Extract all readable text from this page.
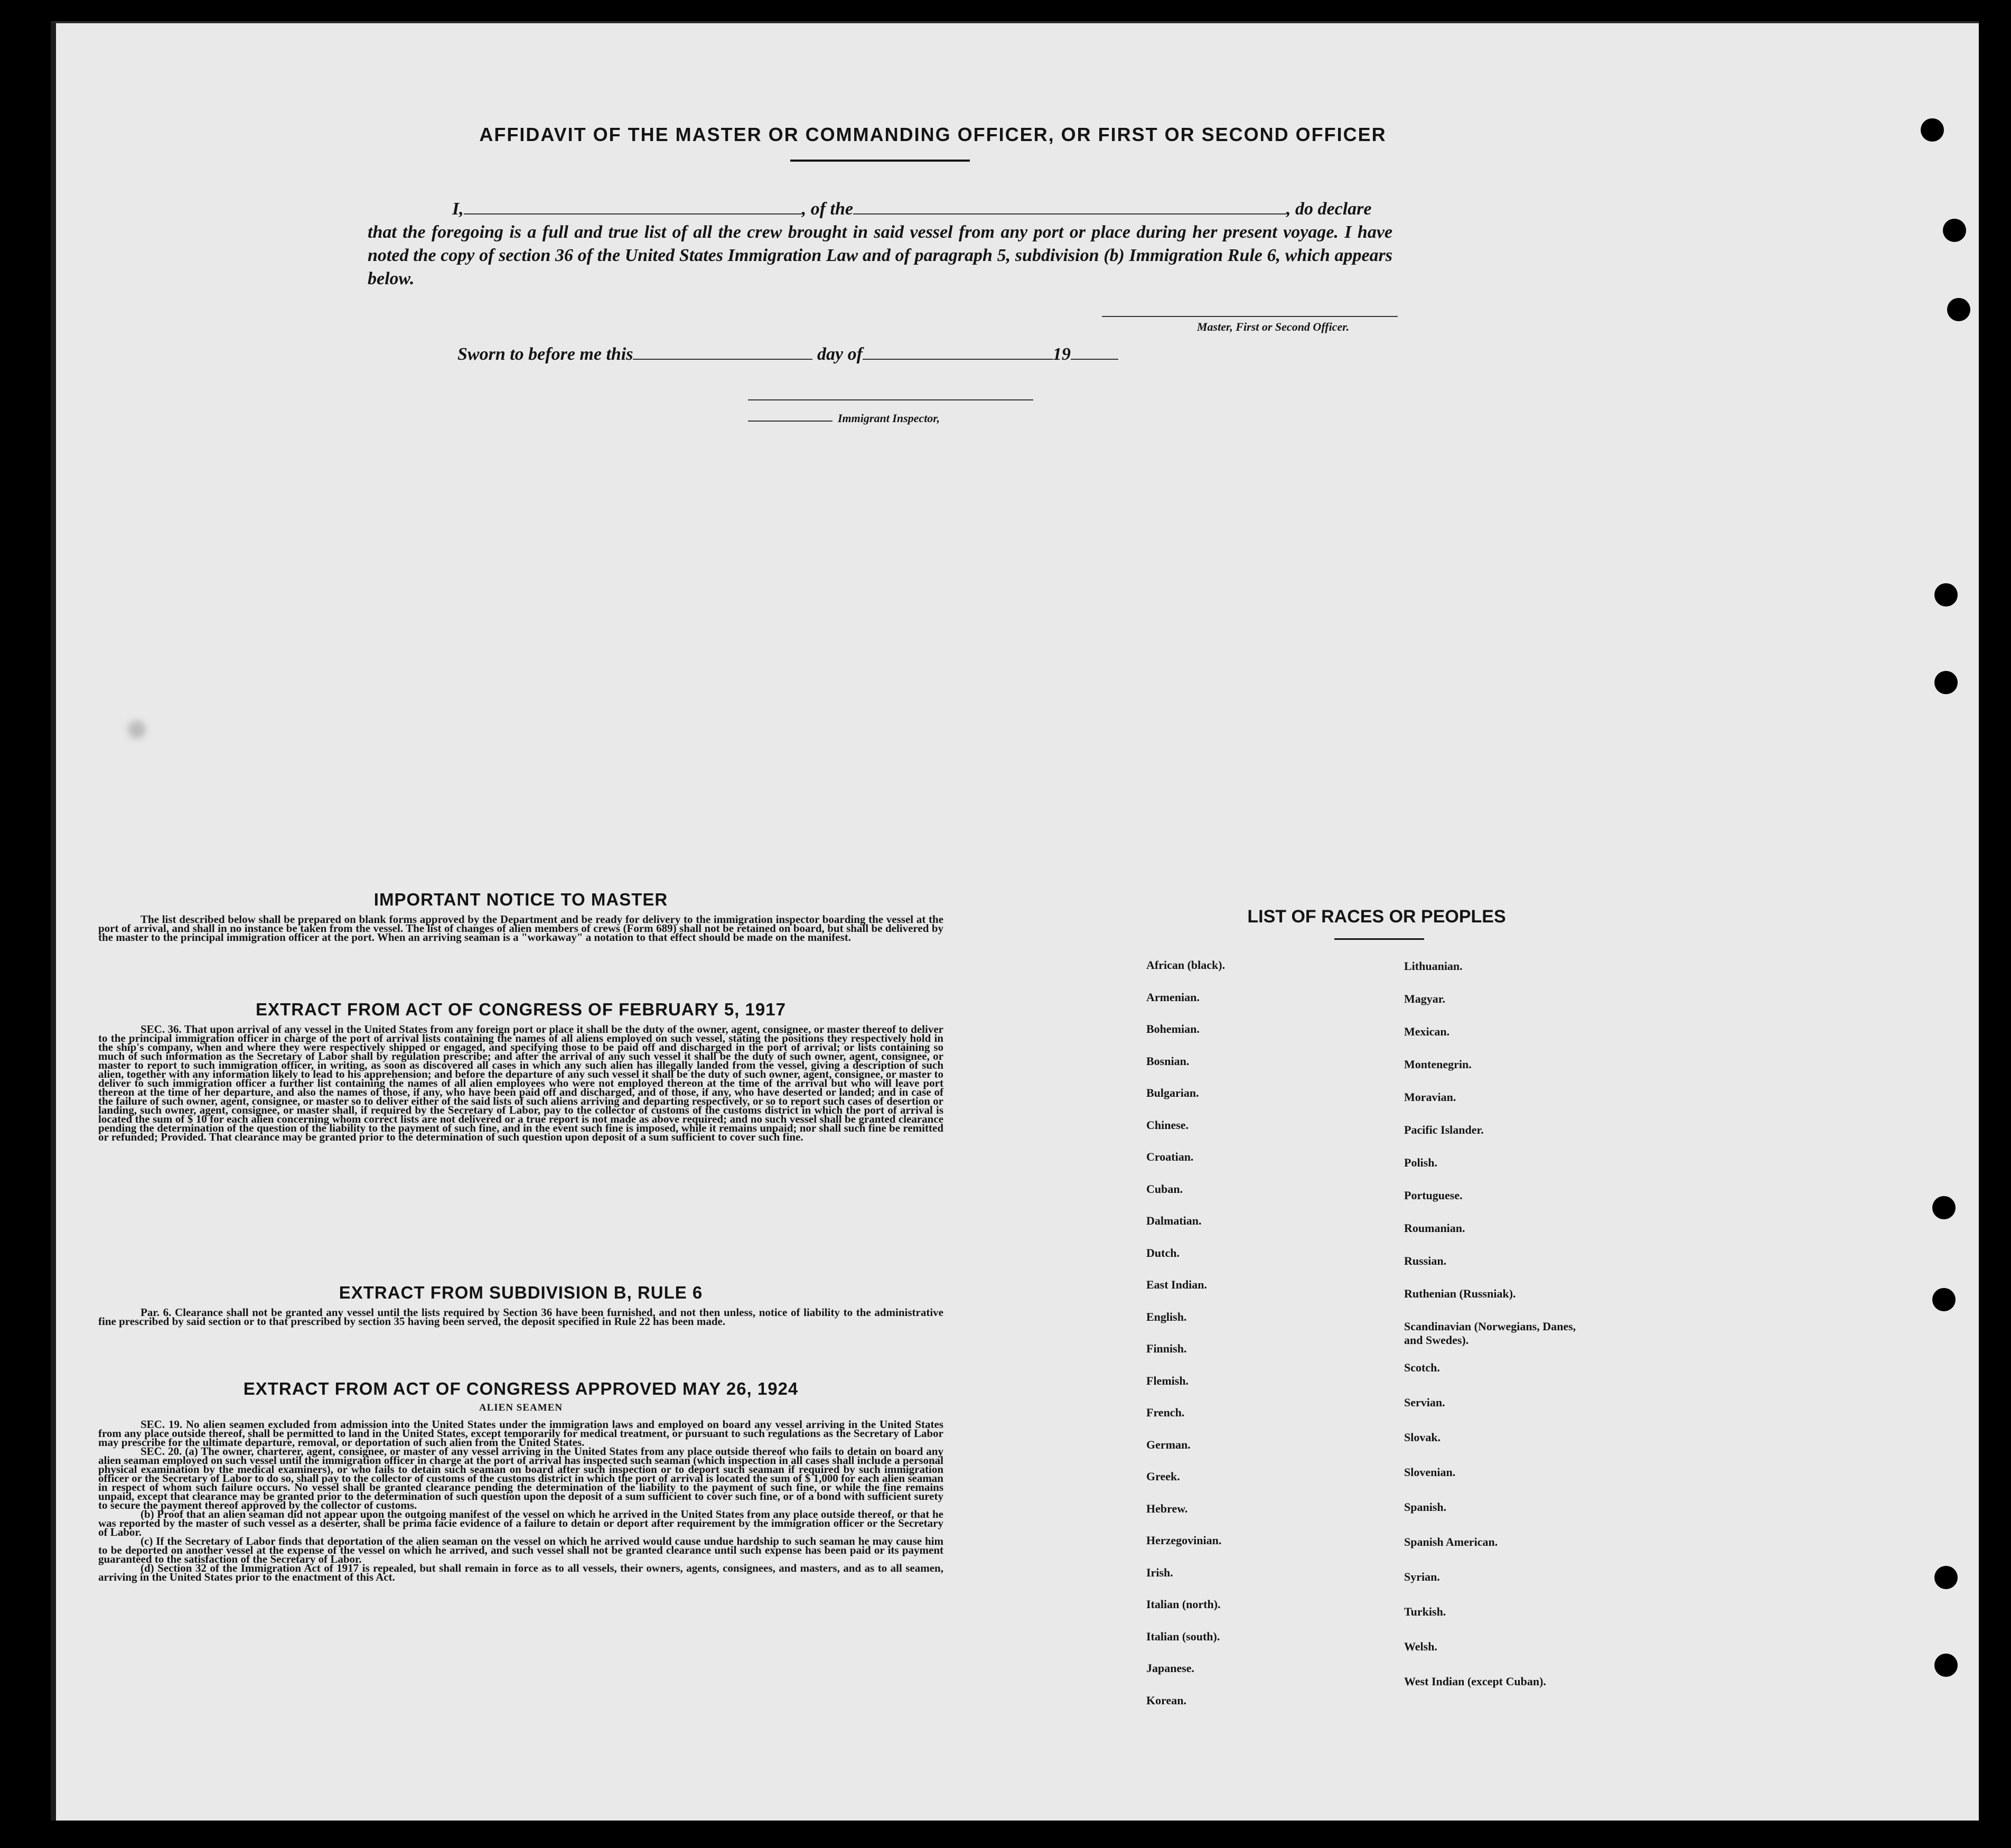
AFFIDAVIT OF THE MASTER OR COMMANDING OFFICER, OR FIRST OR SECOND OFFICER
I,	, of the	, do declare
that the foregoing is a full and true list of all the crew brought in said vessel from any port or place during her present voyage. I have noted the copy of section 36 of the United States Immigration Law and of paragraph 5, subdivision (b) Immigration Rule 6, which appears below.
Master, First or Second Officer.
Sworn to before me this	day of	19
Immigrant Inspector,
IMPORTANT NOTICE TO MASTER
The list described below shall be prepared on blank forms approved by the Department and be ready for delivery to the immigration inspector boarding the vessel at the port of arrival, and shall in no instance be taken from the vessel. The list of changes of alien members of crews (Form 689) shall not be retained on board, but shall be delivered by the master to the principal immigration officer at the port. When an arriving seaman is a "workaway" a notation to that effect should be made on the manifest.
EXTRACT FROM ACT OF CONGRESS OF FEBRUARY 5, 1917
SEC. 36. That upon arrival of any vessel in the United States from any foreign port or place it shall be the duty of the owner, agent, consignee, or master thereof to deliver to the principal immigration officer in charge of the port of arrival lists containing the names of all aliens employed on such vessel, stating the positions they respectively hold in the ship's company, when and where they were respectively shipped or engaged, and specifying those to be paid off and discharged in the port of arrival; or lists containing so much of such information as the Secretary of Labor shall by regulation prescribe; and after the arrival of any such vessel it shall be the duty of such owner, agent, consignee, or master to report to such immigration officer, in writing, as soon as discovered all cases in which any such alien has illegally landed from the vessel, giving a description of such alien, together with any information likely to lead to his apprehension; and before the departure of any such vessel it shall be the duty of such owner, agent, consignee, or master to deliver to such immigration officer a further list containing the names of all alien employees who were not employed thereon at the time of the arrival but who will leave port thereon at the time of her departure, and also the names of those, if any, who have been paid off and discharged, and of those, if any, who have deserted or landed; and in case of the failure of such owner, agent, consignee, or master so to deliver either of the said lists of such aliens arriving and departing respectively, or so to report such cases of desertion or landing, such owner, agent, consignee, or master shall, if required by the Secretary of Labor, pay to the collector of customs of the customs district in which the port of arrival is located the sum of $ 10 for each alien concerning whom correct lists are not delivered or a true report is not made as above required; and no such vessel shall be granted clearance pending the determination of the question of the liability to the payment of such fine, and in the event such fine is imposed, while it remains unpaid; nor shall such fine be remitted or refunded; Provided. That clearance may be granted prior to the determination of such question upon deposit of a sum sufficient to cover such fine.
EXTRACT FROM SUBDIVISION B, RULE 6
Par. 6. Clearance shall not be granted any vessel until the lists required by Section 36 have been furnished, and not then unless, notice of liability to the administrative fine prescribed by said section or to that prescribed by section 35 having been served, the deposit specified in Rule 22 has been made.
EXTRACT FROM ACT OF CONGRESS APPROVED MAY 26, 1924
ALIEN SEAMEN
SEC. 19. No alien seamen excluded from admission into the United States under the immigration laws and employed on board any vessel arriving in the United States from any place outside thereof, shall be permitted to land in the United States, except temporarily for medical treatment, or pursuant to such regulations as the Secretary of Labor may prescribe for the ultimate departure, removal, or deportation of such alien from the United States.
SEC. 20. (a) The owner, charterer, agent, consignee, or master of any vessel arriving in the United States from any place outside thereof who fails to detain on board any alien seaman employed on such vessel until the immigration officer in charge at the port of arrival has inspected such seaman (which inspection in all cases shall include a personal physical examination by the medical examiners), or who fails to detain such seaman on board after such inspection or to deport such seaman if required by such immigration officer or the Secretary of Labor to do so, shall pay to the collector of customs of the customs district in which the port of arrival is located the sum of $ 1,000 for each alien seaman in respect of whom such failure occurs. No vessel shall be granted clearance pending the determination of the liability to the payment of such fine, or while the fine remains unpaid, except that clearance may be granted prior to the determination of such question upon the deposit of a sum sufficient to cover such fine, or of a bond with sufficient surety to secure the payment thereof approved by the collector of customs.
(b) Proof that an alien seaman did not appear upon the outgoing manifest of the vessel on which he arrived in the United States from any place outside thereof, or that he was reported by the master of such vessel as a deserter, shall be prima facie evidence of a failure to detain or deport after requirement by the immigration officer or the Secretary of Labor.
(c) If the Secretary of Labor finds that deportation of the alien seaman on the vessel on which he arrived would cause undue hardship to such seaman he may cause him to be deported on another vessel at the expense of the vessel on which he arrived, and such vessel shall not be granted clearance until such expense has been paid or its payment guaranteed to the satisfaction of the Secretary of Labor.
(d) Section 32 of the Immigration Act of 1917 is repealed, but shall remain in force as to all vessels, their owners, agents, consignees, and masters, and as to all seamen, arriving in the United States prior to the enactment of this Act.
LIST OF RACES OR PEOPLES
African (black).
Armenian.
Bohemian.
Bosnian.
Bulgarian.
Chinese.
Croatian.
Cuban.
Dalmatian.
Dutch.
East Indian.
English.
Finnish.
Flemish.
French.
German.
Greek.
Hebrew.
Herzegovinian.
Irish.
Italian (north).
Italian (south).
Japanese.
Korean.
Lithuanian.
Magyar.
Mexican.
Montenegrin.
Moravian.
Pacific Islander.
Polish.
Portuguese.
Roumanian.
Russian.
Ruthenian (Russniak).
Scandinavian (Norwegians, Danes, and Swedes).
Scotch.
Servian.
Slovak.
Slovenian.
Spanish.
Spanish American.
Syrian.
Turkish.
Welsh.
West Indian (except Cuban).
